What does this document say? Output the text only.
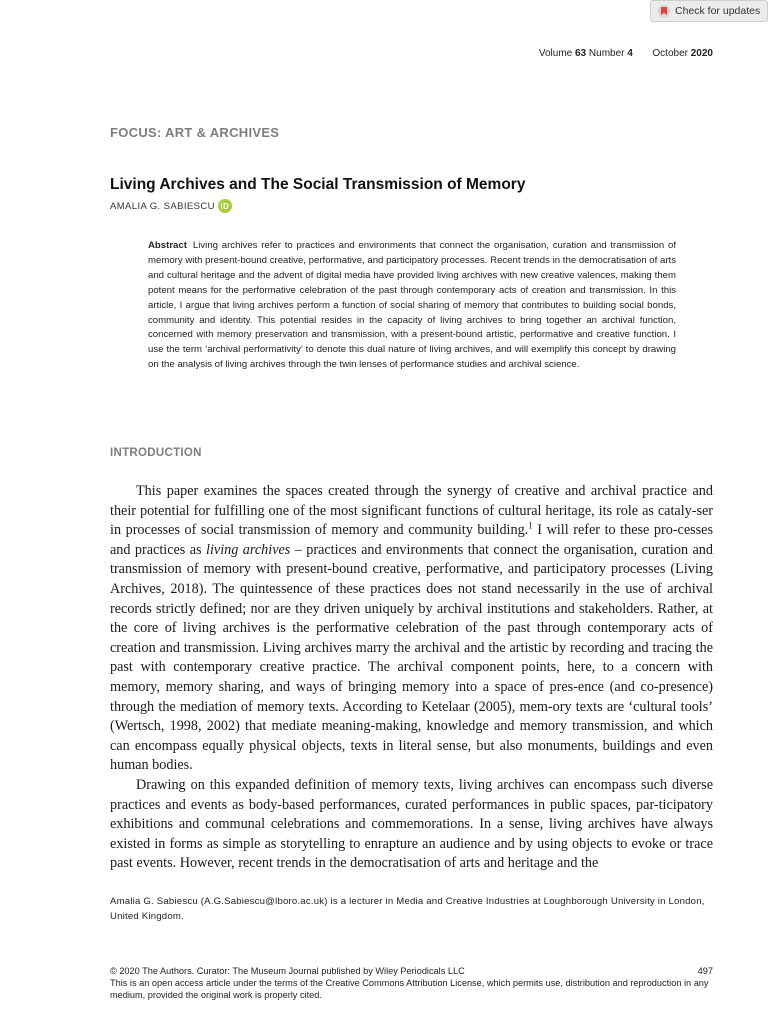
Check for updates
Volume 63 Number 4 October 2020
FOCUS: ART & ARCHIVES
Living Archives and The Social Transmission of Memory
AMALIA G. SABIESCU iD
Abstract Living archives refer to practices and environments that connect the organisation, curation and transmission of memory with present-bound creative, performative, and participatory processes. Recent trends in the democratisation of arts and cultural heritage and the advent of digital media have provided living archives with new creative valences, making them potent means for the performative celebration of the past through contemporary acts of creation and transmission. In this article, I argue that living archives perform a function of social sharing of memory that contributes to building social bonds, community and identity. This potential resides in the capacity of living archives to bring together an archival function, concerned with memory preservation and transmission, with a present-bound artistic, performative and creative function. I use the term ‘archival performativity’ to denote this dual nature of living archives, and will exemplify this concept by drawing on the analysis of living archives through the twin lenses of performance studies and archival science.
INTRODUCTION

This paper examines the spaces created through the synergy of creative and archival practice and their potential for fulfilling one of the most significant functions of cultural heritage, its role as cataly-ser in processes of social transmission of memory and community building.$^1$ I will refer to these pro-cesses and practices as living archives – practices and environments that connect the organisation, curation and transmission of memory with present-bound creative, performative, and participatory processes (Living Archives, 2018). The quintessence of these practices does not stand necessarily in the use of archival records strictly defined; nor are they driven uniquely by archival institutions and stakeholders. Rather, at the core of living archives is the performative celebration of the past through contemporary acts of creation and transmission. Living archives marry the archival and the artistic by recording and tracing the past with contemporary creative practice. The archival component points, here, to a concern with memory, memory sharing, and ways of bringing memory into a space of pres-ence (and co-presence) through the mediation of memory texts. According to Ketelaar (2005), mem-ory texts are ‘cultural tools’ (Wertsch, 1998, 2002) that mediate meaning-making, knowledge and memory transmission, and which can encompass equally physical objects, texts in literal sense, but also monuments, buildings and even human bodies.

Drawing on this expanded definition of memory texts, living archives can encompass such diverse practices and events as body-based performances, curated performances in public spaces, par-ticipatory exhibitions and communal celebrations and commemorations. In a sense, living archives have always existed in forms as simple as storytelling to enrapture an audience and by using objects to evoke or trace past events. However, recent trends in the democratisation of arts and heritage and the

Amalia G. Sabiescu (A.G.Sabiescu@lboro.ac.uk) is a lecturer in Media and Creative Industries at Loughborough University in London, United Kingdom.
© 2020 The Authors. Curator: The Museum Journal published by Wiley Periodicals LLC	497
This is an open access article under the terms of the Creative Commons Attribution License, which permits use, distribution and reproduction in any medium, provided the original work is properly cited.
